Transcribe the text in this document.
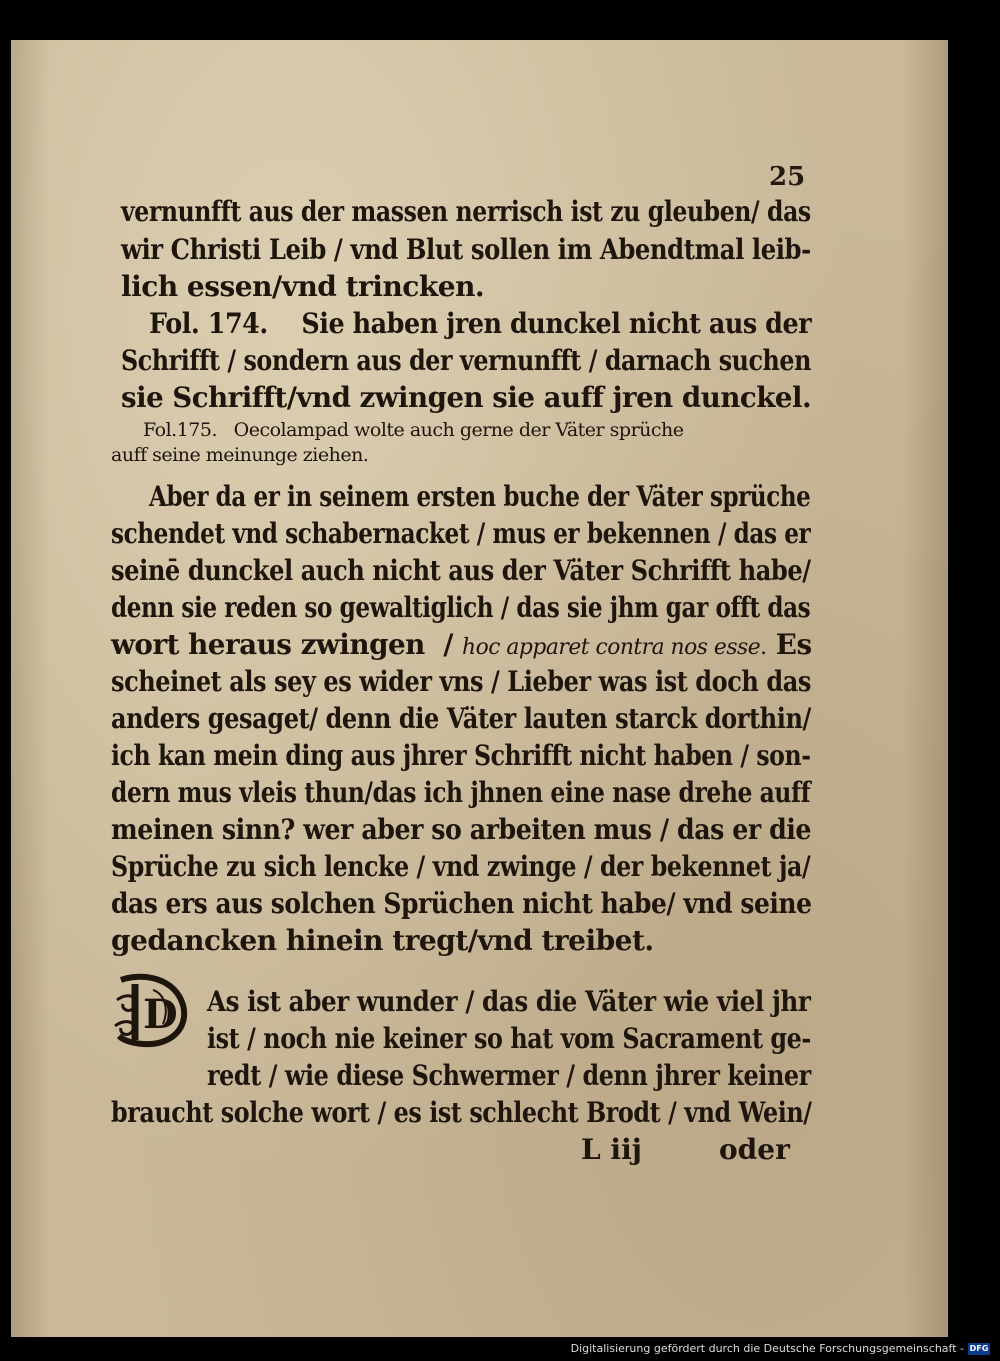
25
vernunfft aus der massen nerrisch ist zu gleuben/ das
wir Christi Leib / vnd Blut sollen im Abendtmal leib-
lich essen/vnd trincken.
Fol. 174.    Sie haben jren dunckel nicht aus der
Schrifft / sondern aus der vernunfft / darnach suchen
sie Schrifft/vnd zwingen sie auff jren dunckel.
Fol.175.   Oecolampad wolte auch gerne der Väter sprüche
auff seine meinunge ziehen.
Aber da er in seinem ersten buche der Väter sprüche
schendet vnd schabernacket / mus er bekennen / das er
seinē dunckel auch nicht aus der Väter Schrifft habe/
denn sie reden so gewaltiglich / das sie jhm gar offt das
wort heraus zwingen  / hoc apparet contra nos esse. Es
scheinet als sey es wider vns / Lieber was ist doch das
anders gesaget/ denn die Väter lauten starck dorthin/
ich kan mein ding aus jhrer Schrifft nicht haben / son-
dern mus vleis thun/das ich jhnen eine nase drehe auff
meinen sinn? wer aber so arbeiten mus / das er die
Sprüche zu sich lencke / vnd zwinge / der bekennet ja/
das ers aus solchen Sprüchen nicht habe/ vnd seine
gedancken hinein tregt/vnd treibet.
D As ist aber wunder / das die Väter wie viel jhr
ist / noch nie keiner so hat vom Sacrament ge-
redt / wie diese Schwermer / denn jhrer keiner
braucht solche wort / es ist schlecht Brodt / vnd Wein/
L iij	oder
Digitalisierung gefördert durch die Deutsche Forschungsgemeinschaft - DFG
